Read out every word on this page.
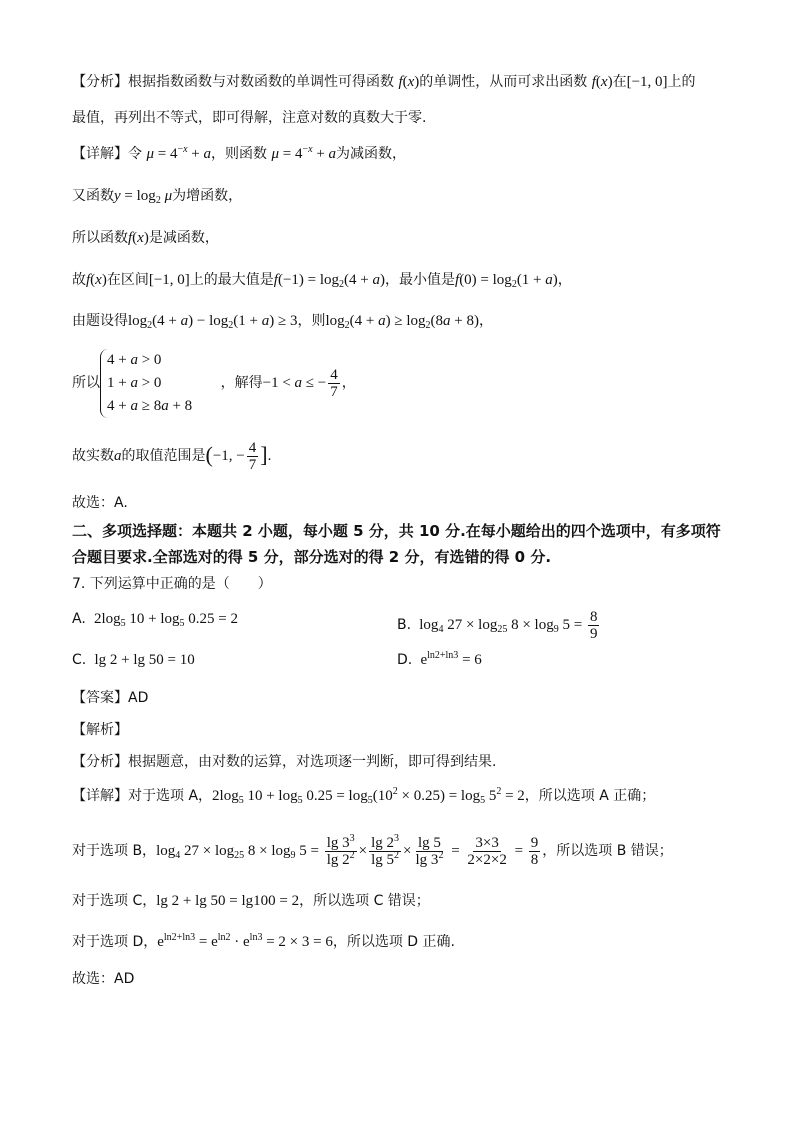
【分析】根据指数函数与对数函数的单调性可得函数 f(x)的单调性，从而可求出函数 f(x)在[−1, 0]上的
最值，再列出不等式，即可得解，注意对数的真数大于零.
【详解】令 $\mu = 4^{-x} + a$，则函数 $\mu = 4^{-x} + a$为减函数，
又函数$y = \log_2 \mu$为增函数，
所以函数f(x)是减函数，
故f(x)在区间[−1, 0]上的最大值是$f(-1) = \log_2(4 + a)$，最小值是$f(0) = \log_2(1 + a)$，
由题设得$\log_2(4 + a) - \log_2(1 + a) \ge 3$，则$\log_2(4 + a) \ge \log_2(8a + 8)$，
所以
4 + a > 0
1 + a > 0
4 + a ≥ 8a + 8
，解得−1 < a ≤ − $\frac{4}{7}$ ，
故实数a的取值范围是(−1, − $\frac{4}{7}$ ].
故选：A.
二、多项选择题：本题共 2 小题，每小题 5 分，共 10 分.在每小题给出的四个选项中，有多项符合题目要求.全部选对的得 5 分，部分选对的得 2 分，有选错的得 0 分.
7. 下列运算中正确的是（　　）
A.  $2\log_5$ $10 + \log_5 0.25 = 2$	B.  $\log_4 27 \times \log_{25} 8 \times \log_9 5 = \frac{8}{9}$
C.  lg 2 + lg 50 = 10	D.  $e^{ln2+ln3} = 6$
【答案】AD
【解析】
【分析】根据题意，由对数的运算，对选项逐一判断，即可得到结果.
【详解】对于选项 A，$2\log_5$ $10 + \log_5 0.25 = \log_5(10^2 \times 0.25) = \log_5 5^2 = 2$，所以选项 A 正确；
对于选项 B，$\log_4 27 \times \log_{25} 8 \times \log_9 5 = \frac{\lg 3^3}{\lg 2^2} \times \frac{\lg 2^3}{\lg 5^2} \times \frac{\lg 5}{\lg 3^2} = \frac{3\times 3}{2\times 2\times 2} = \frac{9}{8}$ ，所以选项 B 错误；
对于选项 C，lg 2 + lg 50 = lg100 = 2，所以选项 C 错误；
对于选项 D，$e^{ln2+ln3} = e^{ln2} \cdot e^{ln3} = 2 \times 3 = 6$，所以选项 D 正确.
故选：AD
